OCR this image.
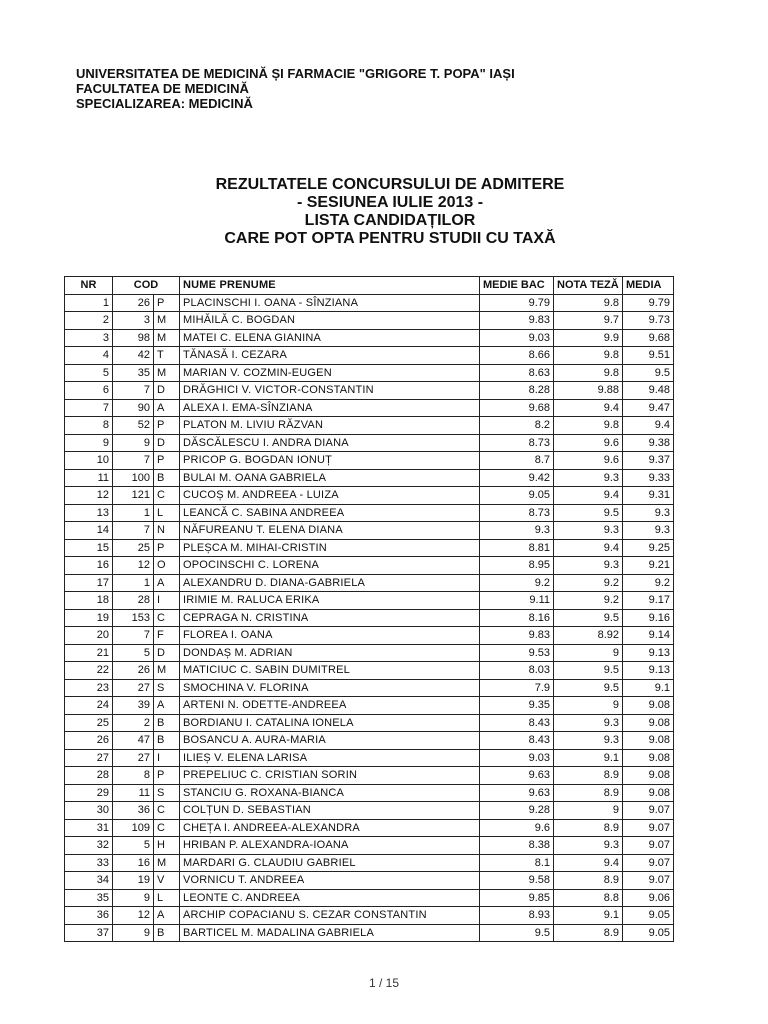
UNIVERSITATEA DE MEDICINĂ ȘI FARMACIE "GRIGORE T. POPA" IAȘI
FACULTATEA DE MEDICINĂ
SPECIALIZAREA: MEDICINĂ
REZULTATELE CONCURSULUI DE ADMITERE
- SESIUNEA IULIE 2013 -
LISTA CANDIDAȚILOR
CARE POT OPTA PENTRU STUDII CU TAXĂ
NR	COD		NUME PRENUME	MEDIE BAC	NOTA TEZĂ	MEDIA
1	26	P	PLACINSCHI I. OANA - SÎNZIANA	9.79	9.8	9.79
2	3	M	MIHĂILĂ C. BOGDAN	9.83	9.7	9.73
3	98	M	MATEI C. ELENA GIANINA	9.03	9.9	9.68
4	42	T	TĂNASĂ I. CEZARA	8.66	9.8	9.51
5	35	M	MARIAN V. COZMIN-EUGEN	8.63	9.8	9.5
6	7	D	DRĂGHICI V. VICTOR-CONSTANTIN	8.28	9.88	9.48
7	90	A	ALEXA I. EMA-SÎNZIANA	9.68	9.4	9.47
8	52	P	PLATON M. LIVIU RĂZVAN	8.2	9.8	9.4
9	9	D	DĂSCĂLESCU I. ANDRA DIANA	8.73	9.6	9.38
10	7	P	PRICOP G. BOGDAN IONUȚ	8.7	9.6	9.37
11	100	B	BULAI M. OANA GABRIELA	9.42	9.3	9.33
12	121	C	CUCOȘ M. ANDREEA - LUIZA	9.05	9.4	9.31
13	1	L	LEANCĂ C. SABINA ANDREEA	8.73	9.5	9.3
14	7	N	NĂFUREANU T. ELENA DIANA	9.3	9.3	9.3
15	25	P	PLEȘCA M. MIHAI-CRISTIN	8.81	9.4	9.25
16	12	O	OPOCINSCHI C. LORENA	8.95	9.3	9.21
17	1	A	ALEXANDRU D. DIANA-GABRIELA	9.2	9.2	9.2
18	28	I	IRIMIE M. RALUCA ERIKA	9.11	9.2	9.17
19	153	C	CEPRAGA N. CRISTINA	8.16	9.5	9.16
20	7	F	FLOREA I. OANA	9.83	8.92	9.14
21	5	D	DONDAȘ M. ADRIAN	9.53	9	9.13
22	26	M	MATICIUC C. SABIN DUMITREL	8.03	9.5	9.13
23	27	S	SMOCHINA V. FLORINA	7.9	9.5	9.1
24	39	A	ARTENI N. ODETTE-ANDREEA	9.35	9	9.08
25	2	B	BORDIANU I. CATALINA IONELA	8.43	9.3	9.08
26	47	B	BOSANCU A. AURA-MARIA	8.43	9.3	9.08
27	27	I	ILIEȘ V. ELENA LARISA	9.03	9.1	9.08
28	8	P	PREPELIUC C. CRISTIAN SORIN	9.63	8.9	9.08
29	11	S	STANCIU G. ROXANA-BIANCA	9.63	8.9	9.08
30	36	C	COLȚUN D. SEBASTIAN	9.28	9	9.07
31	109	C	CHEȚA I. ANDREEA-ALEXANDRA	9.6	8.9	9.07
32	5	H	HRIBAN P. ALEXANDRA-IOANA	8.38	9.3	9.07
33	16	M	MARDARI G. CLAUDIU GABRIEL	8.1	9.4	9.07
34	19	V	VORNICU T. ANDREEA	9.58	8.9	9.07
35	9	L	LEONTE C. ANDREEA	9.85	8.8	9.06
36	12	A	ARCHIP COPACIANU S. CEZAR CONSTANTIN	8.93	9.1	9.05
37	9	B	BARTICEL M. MADALINA GABRIELA	9.5	8.9	9.05
1 / 15
